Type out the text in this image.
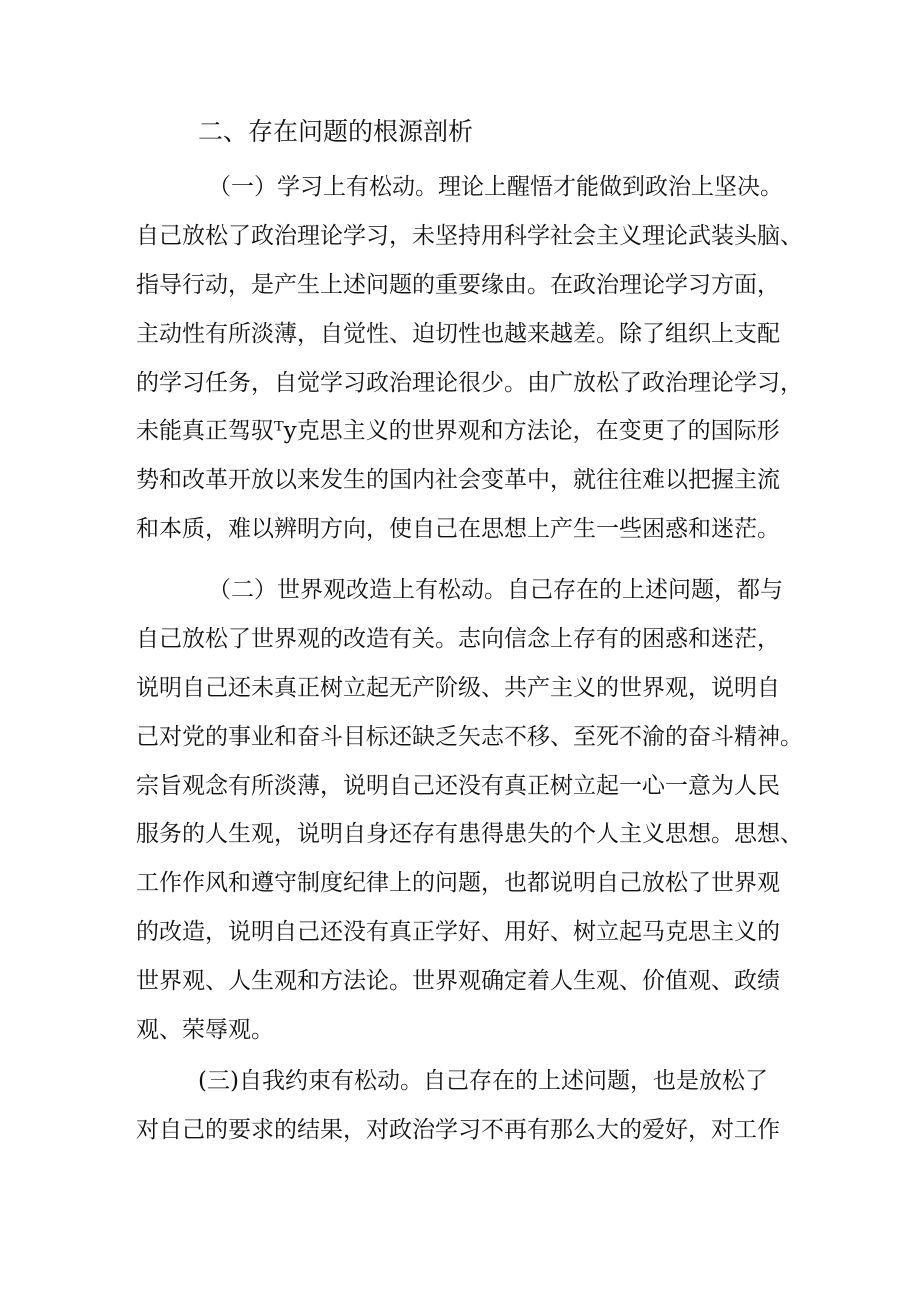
二、存在问题的根源剖析
（一）学习上有松动。理论上醒悟才能做到政治上坚决。
自己放松了政治理论学习，未坚持用科学社会主义理论武装头脑、
指导行动，是产生上述问题的重要缘由。在政治理论学习方面，
主动性有所淡薄，自觉性、迫切性也越来越差。除了组织上支配
的学习任务，自觉学习政治理论很少。由广放松了政治理论学习，
未能真正驾驭ᵀy克思主义的世界观和方法论，在变更了的国际形
势和改革开放以来发生的国内社会变革中，就往往难以把握主流
和本质，难以辨明方向，使自己在思想上产生一些困惑和迷茫。
（二）世界观改造上有松动。自己存在的上述问题，都与
自己放松了世界观的改造有关。志向信念上存有的困惑和迷茫，
说明自己还未真正树立起无产阶级、共产主义的世界观，说明自
己对党的事业和奋斗目标还缺乏矢志不移、至死不渝的奋斗精神。
宗旨观念有所淡薄，说明自己还没有真正树立起一心一意为人民
服务的人生观，说明自身还存有患得患失的个人主义思想。思想、
工作作风和遵守制度纪律上的问题，也都说明自己放松了世界观
的改造，说明自己还没有真正学好、用好、树立起马克思主义的
世界观、人生观和方法论。世界观确定着人生观、价值观、政绩
观、荣辱观。
(三)自我约束有松动。自己存在的上述问题，也是放松了
对自己的要求的结果，对政治学习不再有那么大的爱好，对工作
